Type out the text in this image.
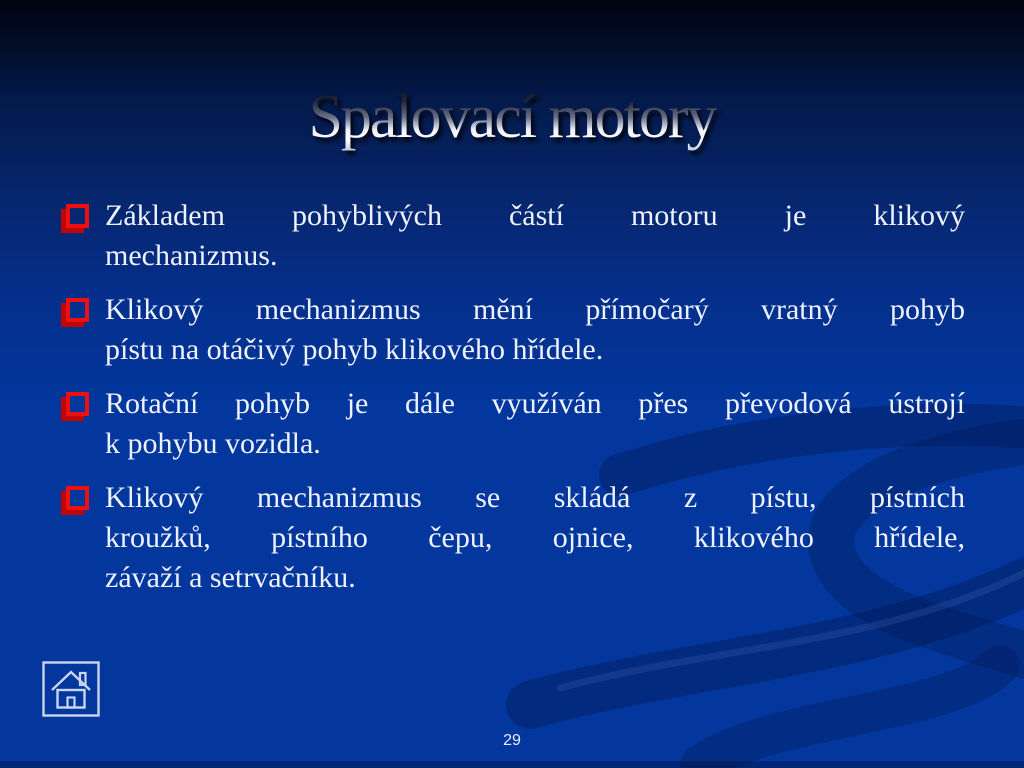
Spalovací motory
Základem pohyblivých částí motoru je klikový
mechanizmus.
Klikový mechanizmus mění přímočarý vratný pohyb
pístu na otáčivý pohyb klikového hřídele.
Rotační pohyb je dále využíván přes převodová ústrojí
k pohybu vozidla.
Klikový mechanizmus se skládá z pístu, pístních
kroužků, pístního čepu, ojnice, klikového hřídele,
závaží a setrvačníku.
29
